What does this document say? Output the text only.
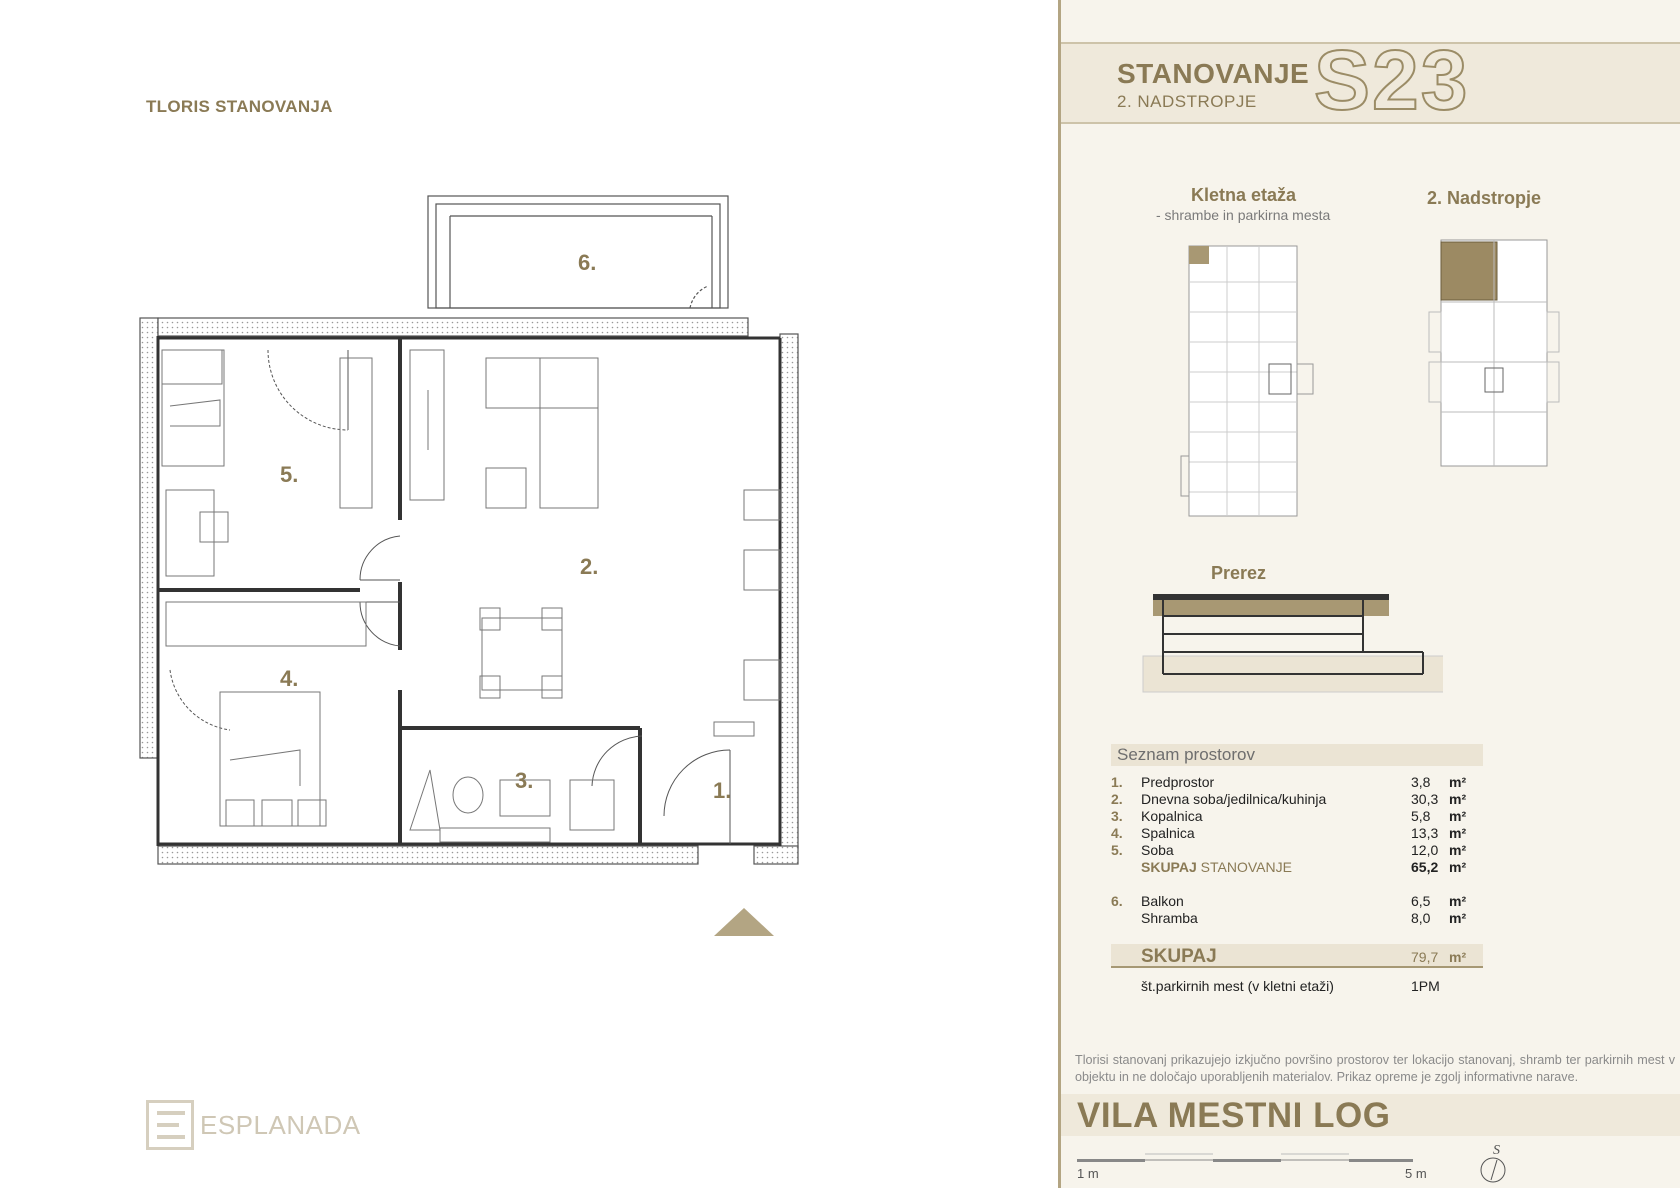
TLORIS STANOVANJA
1.
2.
3.
4.
5.
6.
ESPLANADA
STANOVANJE
2. NADSTROPJE S23
Kletna etaža
- shrambe in parkirna mesta
2. Nadstropje
Prerez
Seznam prostorov
1. Predprostor	3,8 m²
2. Dnevna soba/jedilnica/kuhinja	30,3 m²
3. Kopalnica	5,8 m²
4. Spalnica	13,3 m²
5. Soba	12,0 m²
SKUPAJ STANOVANJE	65,2 m²
6. Balkon	6,5 m²
Shramba	8,0 m²
SKUPAJ	79,7 m²
št.parkirnih mest (v kletni etaži)	1PM
Tlorisi stanovanj prikazujejo izkjučno površino prostorov ter lokacijo stanovanj, shramb ter parkirnih mest v objektu in ne določajo uporabljenih materialov. Prikaz opreme je zgolj informativne narave.
VILA MESTNI LOG
1 m	5 m
S
